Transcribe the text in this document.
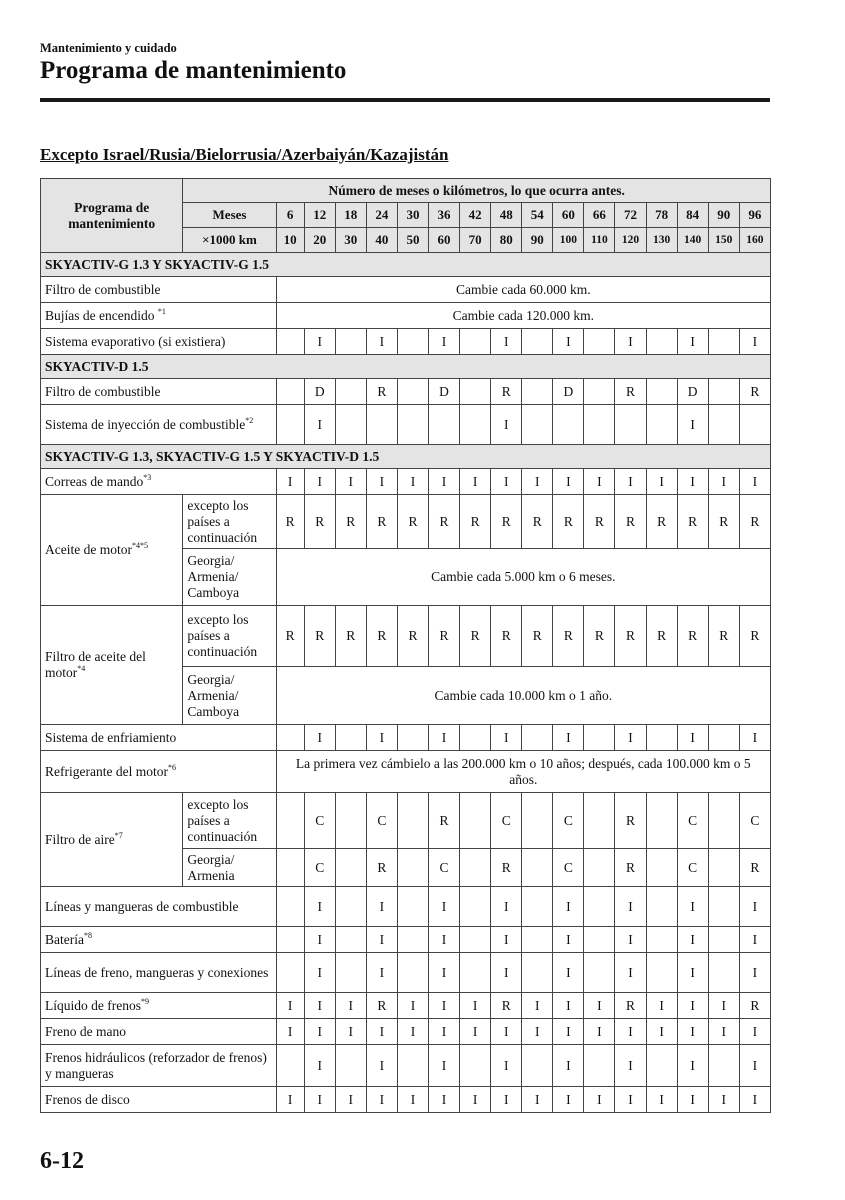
Mantenimiento y cuidado
Programa de mantenimiento
Excepto Israel/Rusia/Bielorrusia/Azerbaiyán/Kazajistán
Programa de mantenimiento	Número de meses o kilómetros, lo que ocurra antes.																
	Meses	6	12	18	24	30	36	42	48	54	60	66	72	78	84	90	96
	×1000 km	10	20	30	40	50	60	70	80	90	100	110	120	130	140	150	160
SKYACTIV-G 1.3 Y SKYACTIV-G 1.5																	
Filtro de combustible		Cambie cada 60.000 km.															
Bujías de encendido $^{*1}$		Cambie cada 120.000 km.															
Sistema evaporativo (si existiera)			I		I		I		I		I		I		I		I
SKYACTIV-D 1.5																	
Filtro de combustible			D		R		D		R		D		R		D		R
Sistema de inyección de combustible$^{*2}$			I						I						I		
SKYACTIV-G 1.3, SKYACTIV-G 1.5 Y SKYACTIV-D 1.5																	
Correas de mando$^{*3}$		I	I	I	I	I	I	I	I	I	I	I	I	I	I	I	I
Aceite de motor$^{*4*5}$	excepto los países a continuación	R	R	R	R	R	R	R	R	R	R	R	R	R	R	R	R
	Georgia/ Armenia/ Camboya	Cambie cada 5.000 km o 6 meses.															
Filtro de aceite del motor$^{*4}$	excepto los países a continuación	R	R	R	R	R	R	R	R	R	R	R	R	R	R	R	R
	Georgia/ Armenia/ Camboya	Cambie cada 10.000 km o 1 año.															
Sistema de enfriamiento			I		I		I		I		I		I		I		I
Refrigerante del motor$^{*6}$		La primera vez cámbielo a las 200.000 km o 10 años; después, cada 100.000 km o 5 años.															
Filtro de aire$^{*7}$	excepto los países a continuación		C		C		R		C		C		R		C		C
	Georgia/ Armenia		C		R		C		R		C		R		C		R
Líneas y mangueras de combustible			I		I		I		I		I		I		I		I
Batería$^{*8}$			I		I		I		I		I		I		I		I
Líneas de freno, mangueras y conexiones			I		I		I		I		I		I		I		I
Líquido de frenos$^{*9}$		I	I	I	R	I	I	I	R	I	I	I	R	I	I	I	R
Freno de mano		I	I	I	I	I	I	I	I	I	I	I	I	I	I	I	I
Frenos hidráulicos (reforzador de frenos) y mangueras			I		I		I		I		I		I		I		I
Frenos de disco		I	I	I	I	I	I	I	I	I	I	I	I	I	I	I	I
6-12
